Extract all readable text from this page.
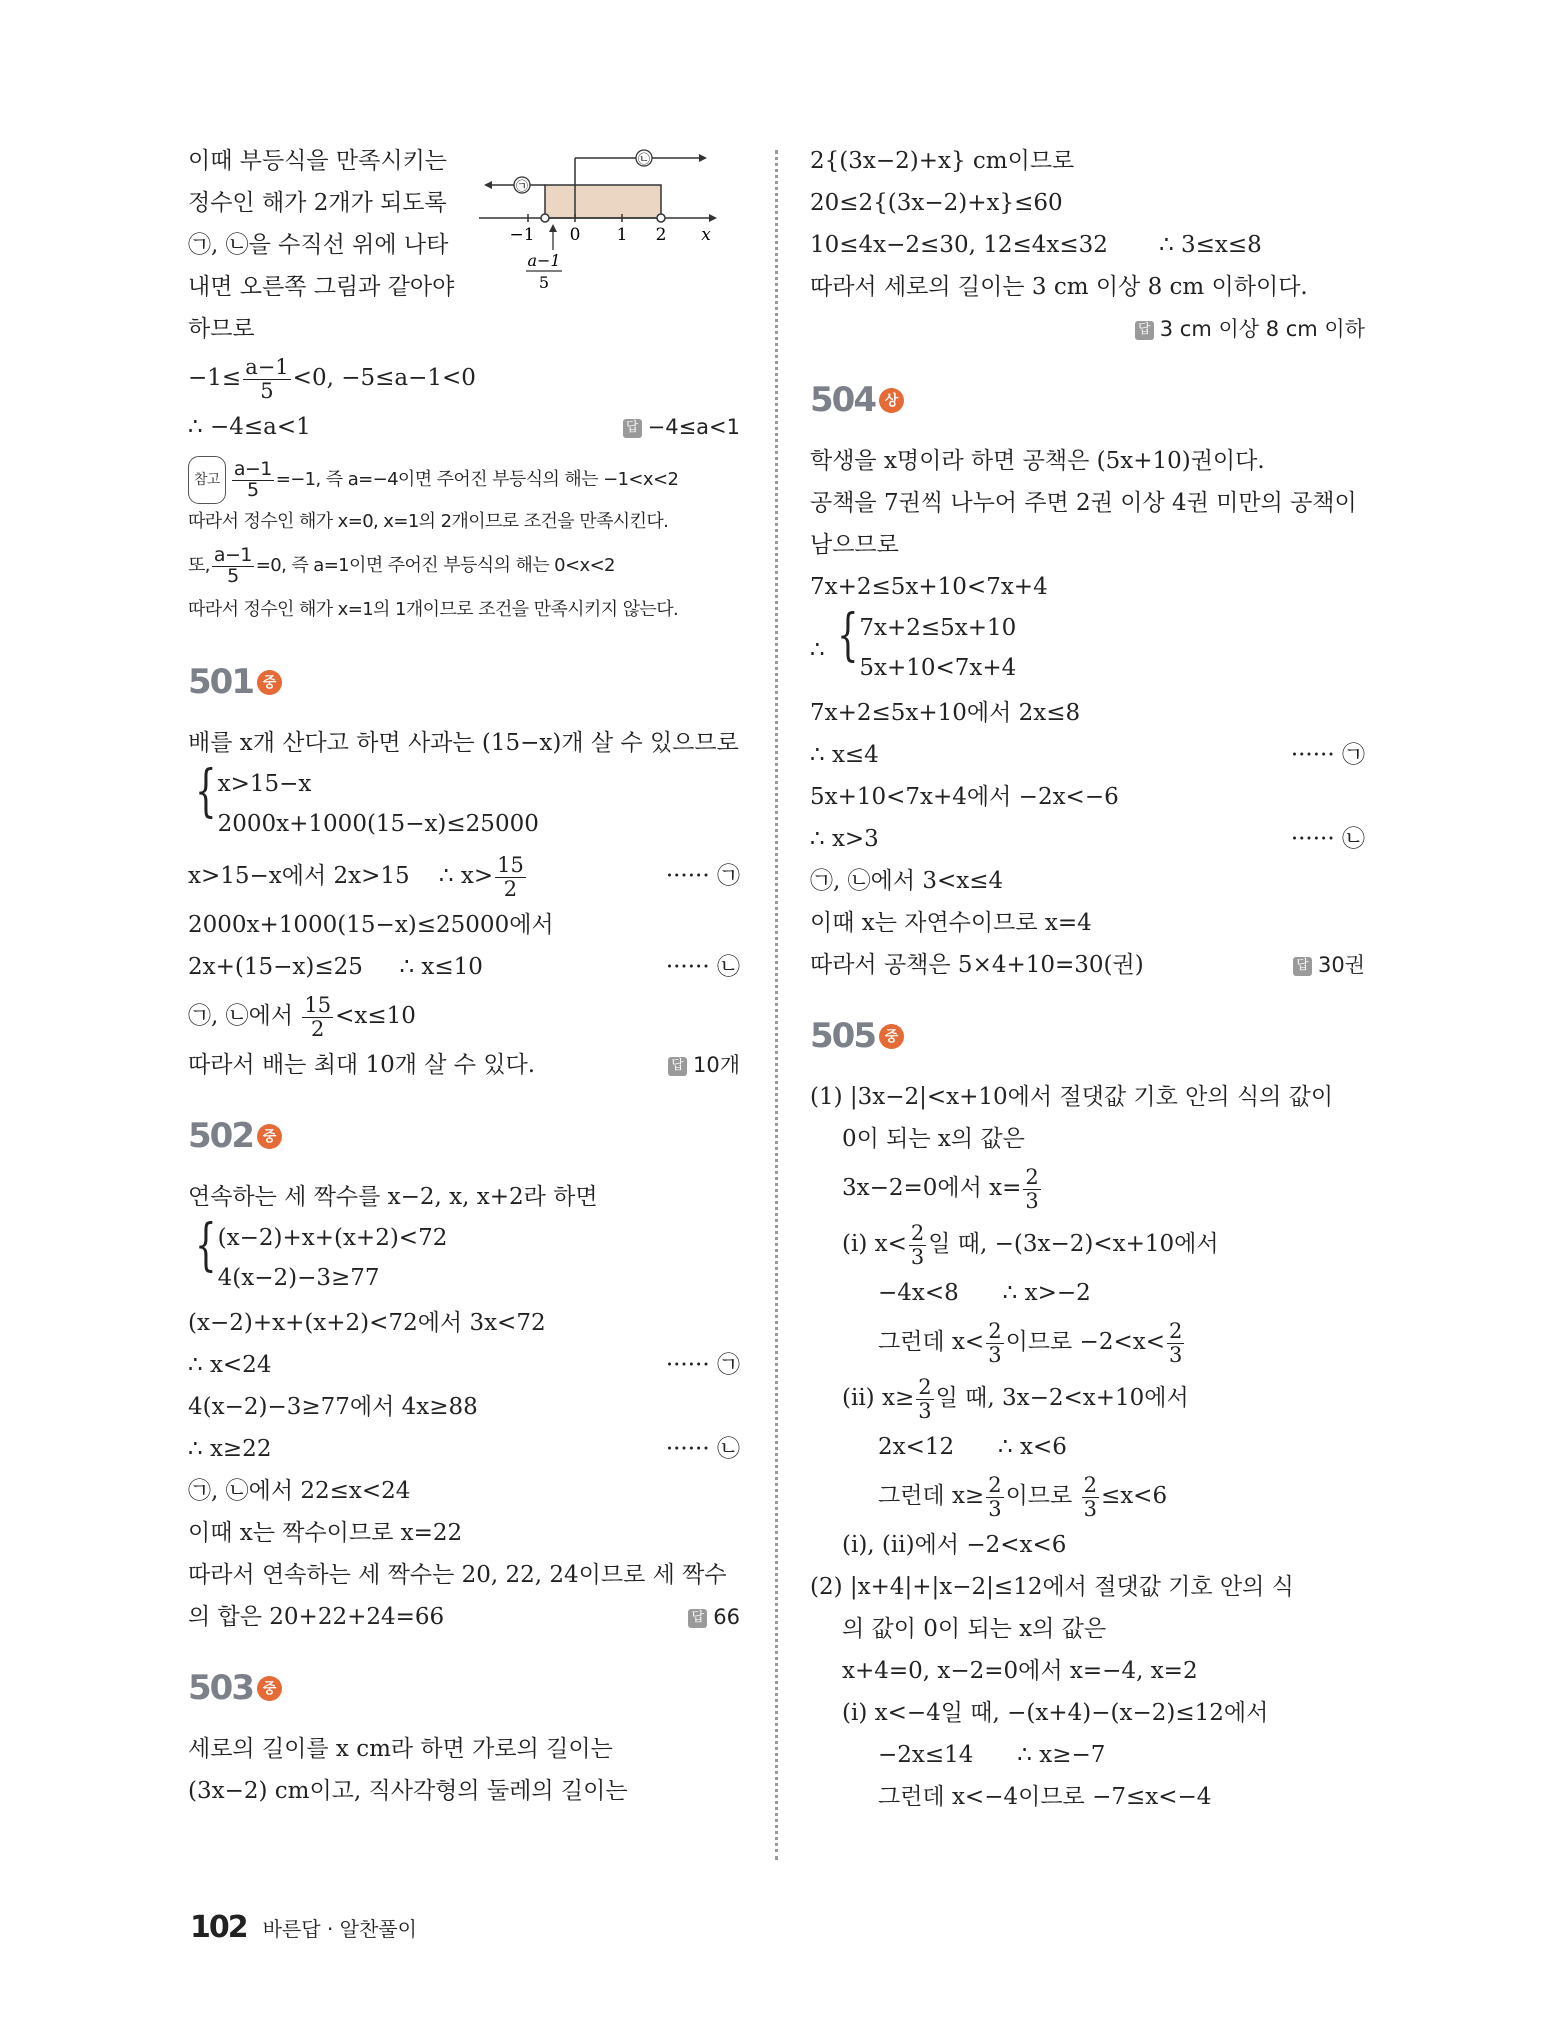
이때 부등식을 만족시키는
정수인 해가 2개가 되도록
㉠, ㉡을 수직선 위에 나타
내면 오른쪽 그림과 같아야
하므로
㉡
㉠
−1 0 1 2 x
a−1
5
$-1\le \frac{a-1}{5} <0$, −5≤a−1<0
∴ −4≤a<1	답 −4≤a<1
참고 $\frac{a-1}{5} =-1$, 즉 a=−4이면 주어진 부등식의 해는 −1<x<2
따라서 정수인 해가 x=0, x=1의 2개이므로 조건을 만족시킨다.
또, $\frac{a-1}{5} =0$, 즉 a=1이면 주어진 부등식의 해는 0<x<2
따라서 정수인 해가 x=1의 1개이므로 조건을 만족시키지 않는다.
501 중
배를 x개 산다고 하면 사과는 (15−x)개 살 수 있으므로
{ x>15−x
2000x+1000(15−x)≤25000
x>15−x에서 2x>15 ∴ $x> \frac{15}{2}$	······ ㉠
2000x+1000(15−x)≤25000에서
2x+(15−x)≤25 ∴ x≤10	······ ㉡
㉠, ㉡에서 $\frac{15}{2} <x\le 10$
따라서 배는 최대 10개 살 수 있다.	답 10개
502 중
연속하는 세 짝수를 x−2, x, x+2라 하면
{ (x−2)+x+(x+2)<72
4(x−2)−3≥77
(x−2)+x+(x+2)<72에서 3x<72
∴ x<24	······ ㉠
4(x−2)−3≥77에서 4x≥88
∴ x≥22	······ ㉡
㉠, ㉡에서 22≤x<24
이때 x는 짝수이므로 x=22
따라서 연속하는 세 짝수는 20, 22, 24이므로 세 짝수
의 합은 20+22+24=66	답 66
503 중
세로의 길이를 x cm라 하면 가로의 길이는
(3x−2) cm이고, 직사각형의 둘레의 길이는
2{(3x−2)+x} cm이므로
20≤2{(3x−2)+x}≤60
10≤4x−2≤30, 12≤4x≤32 ∴ 3≤x≤8
따라서 세로의 길이는 3 cm 이상 8 cm 이하이다.
답 3 cm 이상 8 cm 이하
504 상
학생을 x명이라 하면 공책은 (5x+10)권이다.
공책을 7권씩 나누어 주면 2권 이상 4권 미만의 공책이
남으므로
7x+2≤5x+10<7x+4
∴ { 7x+2≤5x+10
5x+10<7x+4
7x+2≤5x+10에서 2x≤8
∴ x≤4	······ ㉠
5x+10<7x+4에서 −2x<−6
∴ x>3	······ ㉡
㉠, ㉡에서 3<x≤4
이때 x는 자연수이므로 x=4
따라서 공책은 5×4+10=30(권)	답 30권
505 중
(1) |3x−2|<x+10에서 절댓값 기호 안의 식의 값이
0이 되는 x의 값은
3x−2=0에서 $x= \frac{2}{3}$
(i) $x< \frac{2}{3}$ 일 때, −(3x−2)<x+10에서
−4x<8 ∴ x>−2
그런데 $x< \frac{2}{3}$ 이므로 $-2<x< \frac{2}{3}$
(ii) $x\ge \frac{2}{3}$ 일 때, 3x−2<x+10에서
2x<12 ∴ x<6
그런데 $x\ge \frac{2}{3}$ 이므로 $\frac{2}{3} \le x<6$
(i), (ii)에서 −2<x<6
(2) |x+4|+|x−2|≤12에서 절댓값 기호 안의 식
의 값이 0이 되는 x의 값은
x+4=0, x−2=0에서 x=−4, x=2
(i) x<−4일 때, −(x+4)−(x−2)≤12에서
−2x≤14 ∴ x≥−7
그런데 x<−4이므로 −7≤x<−4
102 바른답 · 알찬풀이
